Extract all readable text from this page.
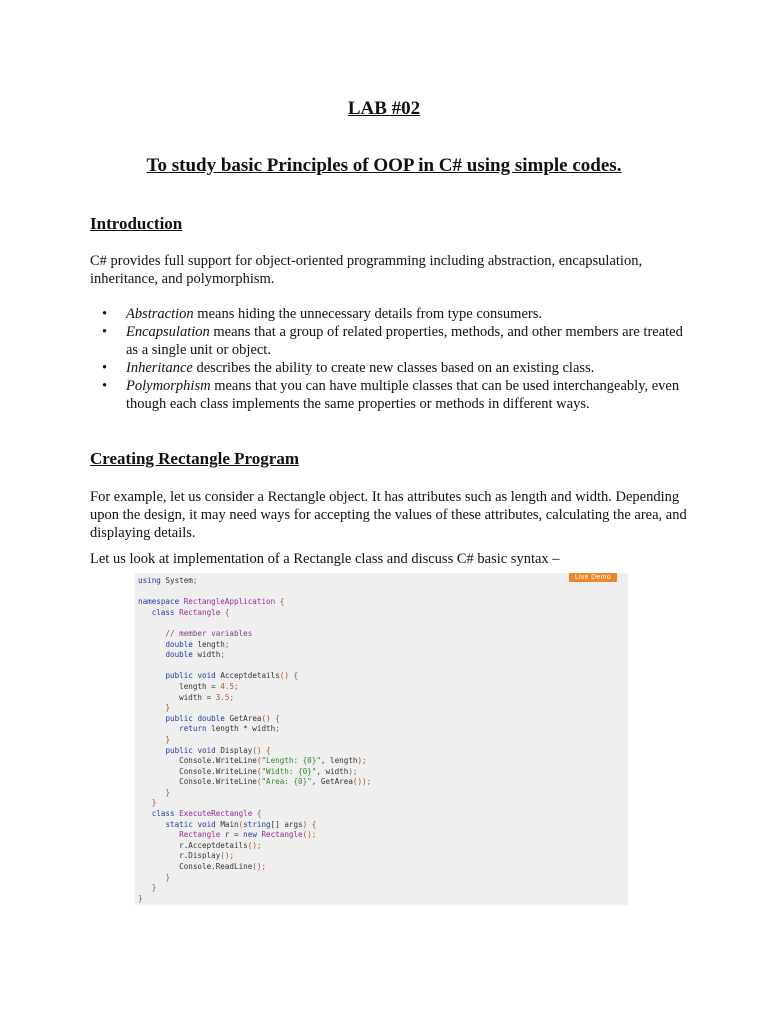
LAB #02
To study basic Principles of OOP in C# using simple codes.
Introduction

C# provides full support for object-oriented programming including abstraction, encapsulation, inheritance, and polymorphism.

• Abstraction means hiding the unnecessary details from type consumers.
• Encapsulation means that a group of related properties, methods, and other members are treated as a single unit or object.
• Inheritance describes the ability to create new classes based on an existing class.
• Polymorphism means that you can have multiple classes that can be used interchangeably, even though each class implements the same properties or methods in different ways.
Creating Rectangle Program

For example, let us consider a Rectangle object. It has attributes such as length and width. Depending upon the design, it may need ways for accepting the values of these attributes, calculating the area, and displaying details.

Let us look at implementation of a Rectangle class and discuss C# basic syntax –

Live Demo
using System;

namespace RectangleApplication {
class Rectangle {

// member variables
double length;
double width;

public void Acceptdetails() {
length = 4.5;
width = 3.5;
}
public double GetArea() {
return length * width;
}
public void Display() {
Console.WriteLine("Length: {0}", length);
Console.WriteLine("Width: {0}", width);
Console.WriteLine("Area: {0}", GetArea());
}
}
class ExecuteRectangle {
static void Main(string[] args) {
Rectangle r = new Rectangle();
r.Acceptdetails();
r.Display();
Console.ReadLine();
}
}
}
